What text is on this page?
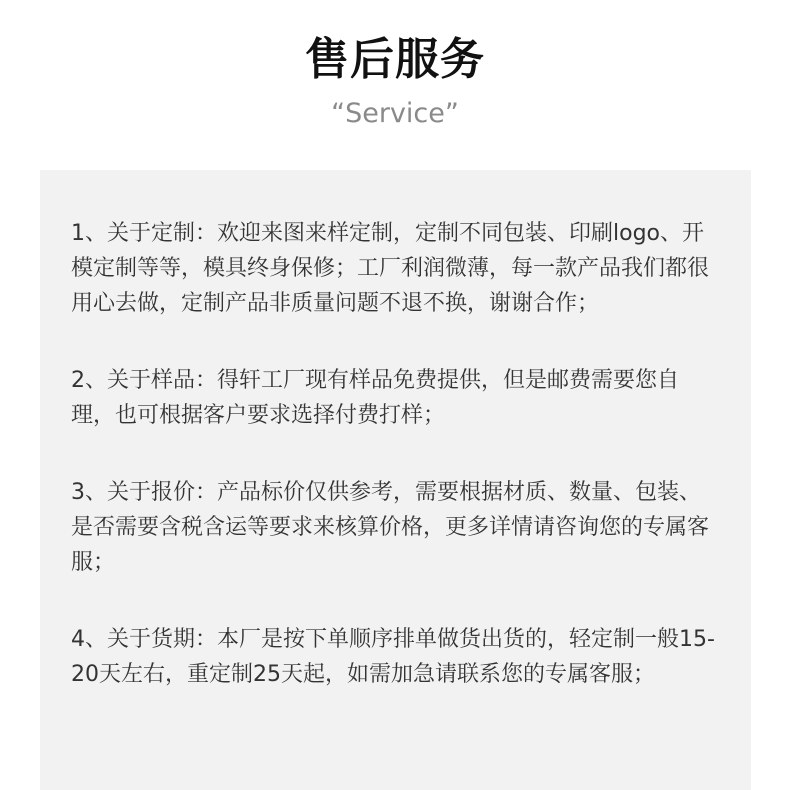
售后服务
“Service”
1、关于定制：欢迎来图来样定制，定制不同包装、印刷logo、开模定制等等，模具终身保修；工厂利润微薄，每一款产品我们都很用心去做，定制产品非质量问题不退不换，谢谢合作；
2、关于样品：得轩工厂现有样品免费提供，但是邮费需要您自理，也可根据客户要求选择付费打样；
3、关于报价：产品标价仅供参考，需要根据材质、数量、包装、是否需要含税含运等要求来核算价格，更多详情请咨询您的专属客服；
4、关于货期：本厂是按下单顺序排单做货出货的，轻定制一般15-20天左右，重定制25天起，如需加急请联系您的专属客服；
